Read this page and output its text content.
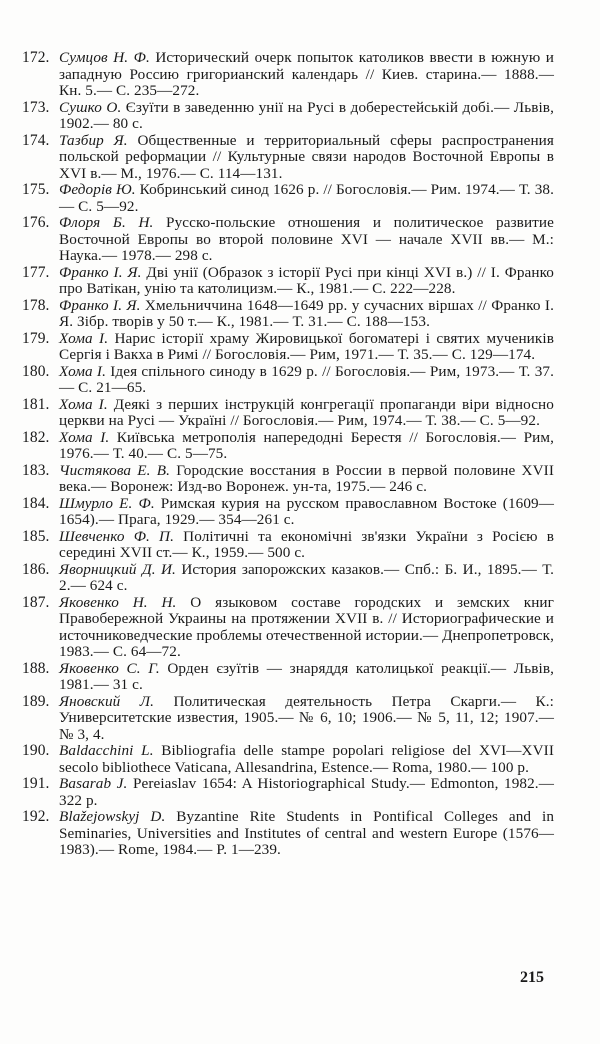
172. Сумцов Н. Ф. Исторический очерк попыток католиков ввести в южную и западную Россию григорианский календарь // Киев. старина.— 1888.— Кн. 5.— С. 235—272.
173. Сушко О. Єзуїти в заведенню унії на Русі в доберестейській добі.— Львів, 1902.— 80 с.
174. Тазбир Я. Общественные и территориальный сферы распространения польской реформации // Культурные связи народов Восточной Европы в XVI в.— М., 1976.— С. 114—131.
175. Федорів Ю. Кобринський синод 1626 р. // Богословія.— Рим. 1974.— Т. 38.— С. 5—92.
176. Флоря Б. Н. Русско-польские отношения и политическое развитие Восточной Европы во второй половине XVI — начале XVII вв.— М.: Наука.— 1978.— 298 с.
177. Франко І. Я. Дві унії (Образок з історії Русі при кінці XVI в.) // І. Франко про Ватікан, унію та католицизм.— К., 1981.— С. 222—228.
178. Франко І. Я. Хмельниччина 1648—1649 рр. у сучасних віршах // Франко І. Я. Зібр. творів у 50 т.— К., 1981.— Т. 31.— С. 188—153.
179. Хома І. Нарис історії храму Жировицької богоматері і святих мучеників Сергія і Вакха в Римі // Богословія.— Рим, 1971.— Т. 35.— С. 129—174.
180. Хома І. Ідея спільного синоду в 1629 р. // Богословія.— Рим, 1973.— Т. 37.— С. 21—65.
181. Хома І. Деякі з перших інструкцій конгрегації пропаганди віри відносно церкви на Русі — Україні // Богословія.— Рим, 1974.— Т. 38.— С. 5—92.
182. Хома І. Київська метрополія напередодні Берестя // Богословія.— Рим, 1976.— Т. 40.— С. 5—75.
183. Чистякова Е. В. Городские восстания в России в первой половине XVII века.— Воронеж: Изд-во Воронеж. ун-та, 1975.— 246 с.
184. Шмурло Е. Ф. Римская курия на русском православном Востоке (1609—1654).— Прага, 1929.— 354—261 с.
185. Шевченко Ф. П. Політичні та економічні зв'язки України з Росією в середині XVII ст.— К., 1959.— 500 с.
186. Яворницкий Д. И. История запорожских казаков.— Спб.: Б. И., 1895.— Т. 2.— 624 с.
187. Яковенко Н. Н. О языковом составе городских и земских книг Правобережной Украины на протяжении XVII в. // Историографические и источниковедческие проблемы отечественной истории.— Днепропетровск, 1983.— С. 64—72.
188. Яковенко С. Г. Орден єзуїтів — знаряддя католицької реакції.— Львів, 1981.— 31 с.
189. Яновский Л. Политическая деятельность Петра Скарги.— К.: Университетские известия, 1905.— № 6, 10; 1906.— № 5, 11, 12; 1907.— № 3, 4.
190. Baldacchini L. Bibliografia delle stampe popolari religiose del XVI—XVII secolo bibliothece Vaticana, Allesandrina, Estence.— Roma, 1980.— 100 p.
191. Basarab J. Pereiaslav 1654: A Historiographical Study.— Edmonton, 1982.— 322 p.
192. Blažejowskyj D. Byzantine Rite Students in Pontifical Colleges and in Seminaries, Universities and Institutes of central and western Europe (1576—1983).— Rome, 1984.— P. 1—239.
215
